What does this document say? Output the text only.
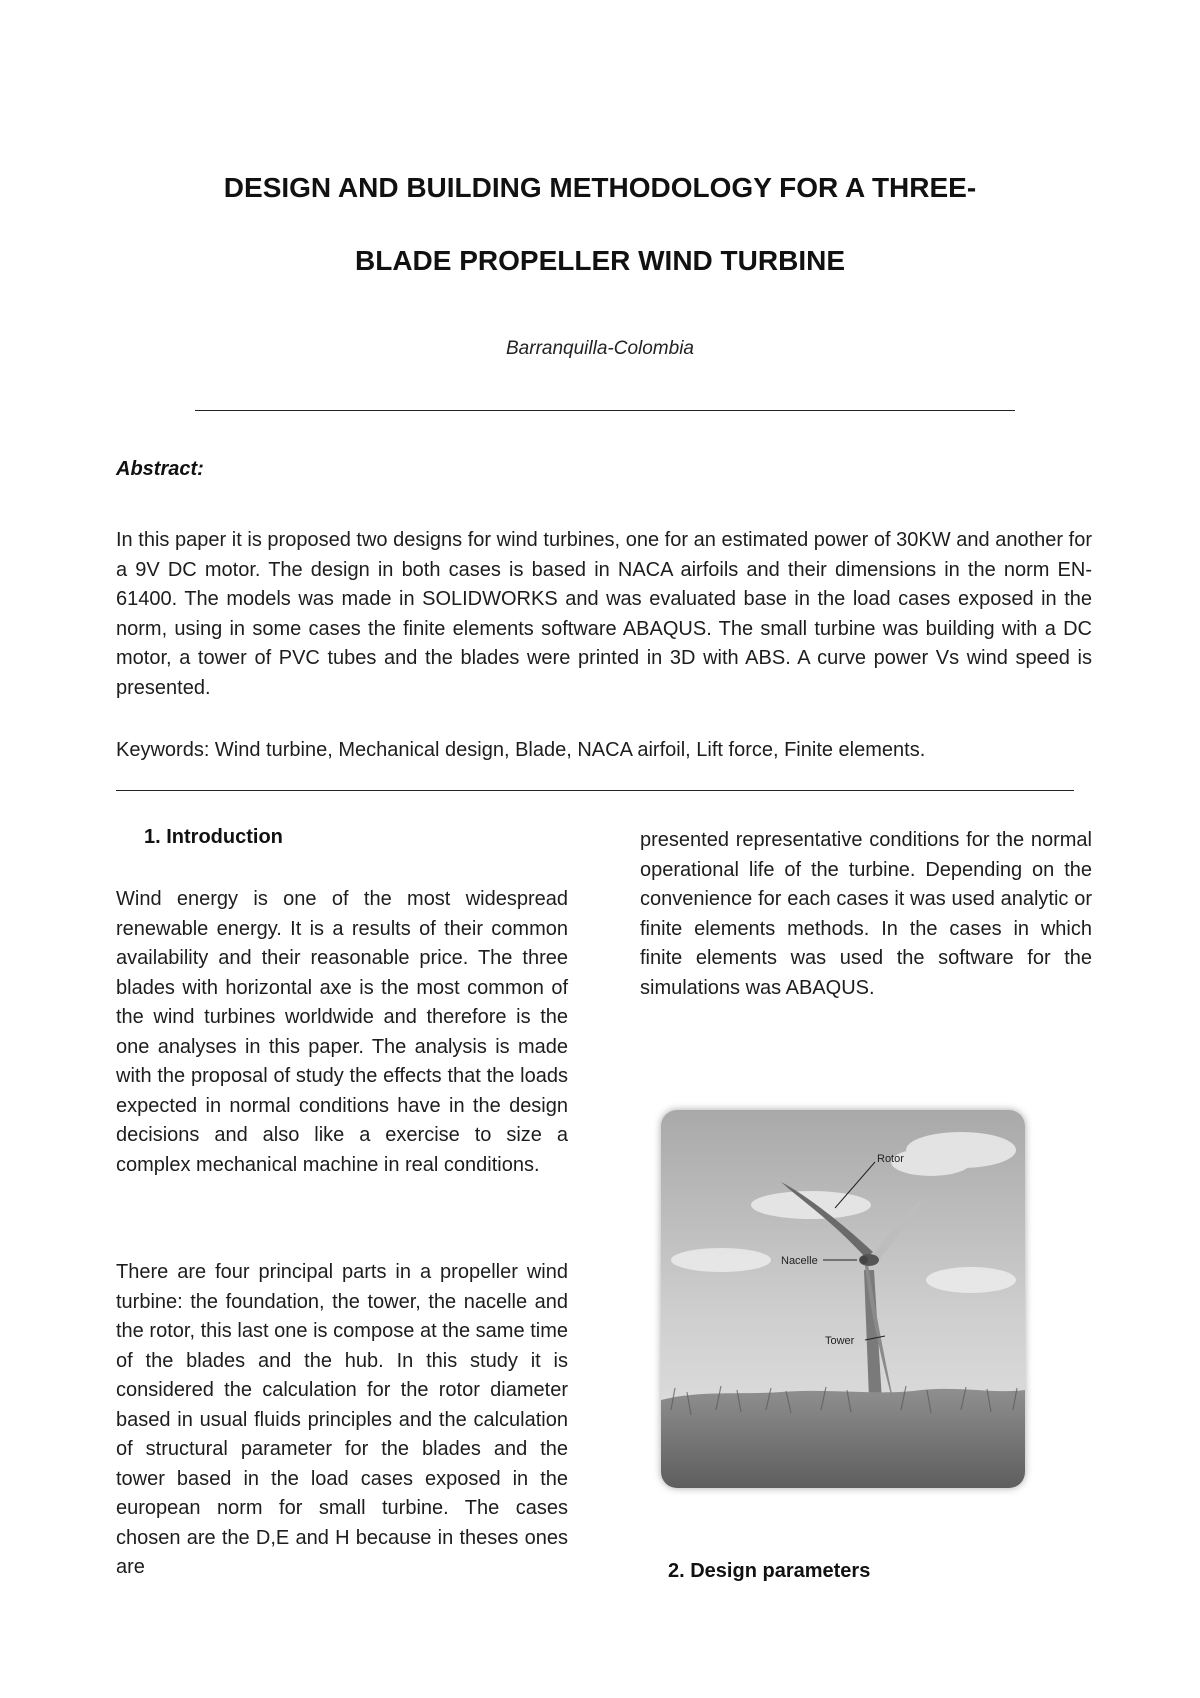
DESIGN AND BUILDING METHODOLOGY FOR A THREE-
BLADE PROPELLER WIND TURBINE
Barranquilla-Colombia
Abstract:

In this paper it is proposed two designs for wind turbines, one for an estimated power of 30KW and another for a 9V DC motor. The design in both cases is based in NACA airfoils and their dimensions in the norm EN-61400. The models was made in SOLIDWORKS and was evaluated base in the load cases exposed in the norm, using in some cases the finite elements software ABAQUS. The small turbine was building with a DC motor, a tower of PVC tubes and the blades were printed in 3D with ABS. A curve power Vs wind speed is presented.

Keywords: Wind turbine, Mechanical design, Blade, NACA airfoil, Lift force, Finite elements.

1. Introduction

Wind energy is one of the most widespread renewable energy. It is a results of their common availability and their reasonable price. The three blades with horizontal axe is the most common of the wind turbines worldwide and therefore is the one analyses in this paper. The analysis is made with the proposal of study the effects that the loads expected in normal conditions have in the design decisions and also like a exercise to size a complex mechanical machine in real conditions.

There are four principal parts in a propeller wind turbine: the foundation, the tower, the nacelle and the rotor, this last one is compose at the same time of the blades and the hub. In this study it is considered the calculation for the rotor diameter based in usual fluids principles and the calculation of structural parameter for the blades and the tower based in the load cases exposed in the european norm for small turbine. The cases chosen are the D,E and H because in theses ones are

presented representative conditions for the normal operational life of the turbine. Depending on the convenience for each cases it was used analytic or finite elements methods. In the cases in which finite elements was used the software for the simulations was ABAQUS.

Rotor
Nacelle
Tower
2. Design parameters
